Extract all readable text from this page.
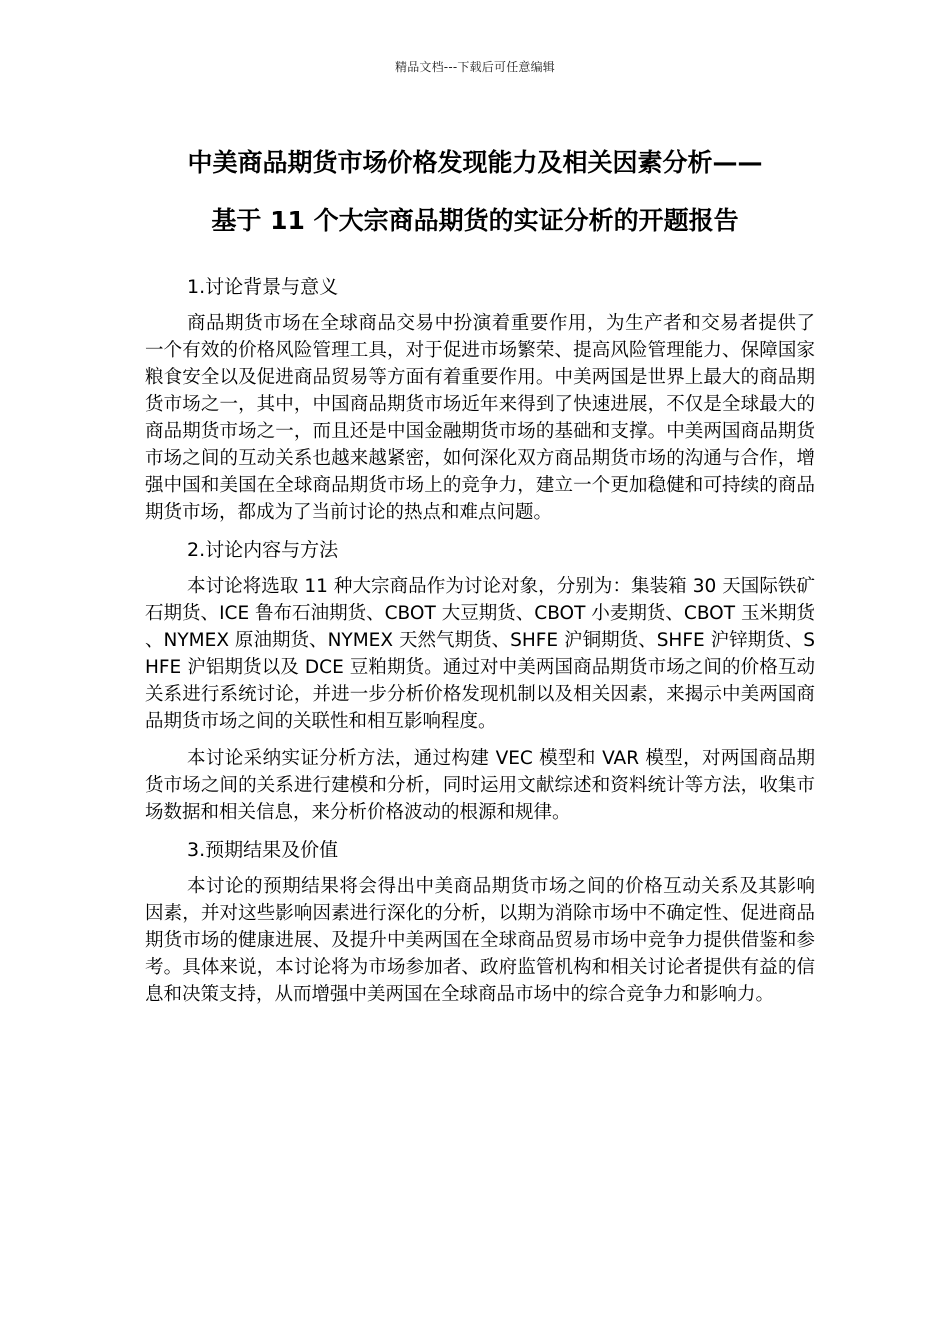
精品文档---下载后可任意编辑
中美商品期货市场价格发现能力及相关因素分析——
基于 11 个大宗商品期货的实证分析的开题报告

1.讨论背景与意义

商品期货市场在全球商品交易中扮演着重要作用，为生产者和交易者提供了一个有效的价格风险管理工具，对于促进市场繁荣、提高风险管理能力、保障国家粮食安全以及促进商品贸易等方面有着重要作用。中美两国是世界上最大的商品期货市场之一，其中，中国商品期货市场近年来得到了快速进展，不仅是全球最大的商品期货市场之一，而且还是中国金融期货市场的基础和支撑。中美两国商品期货市场之间的互动关系也越来越紧密，如何深化双方商品期货市场的沟通与合作，增强中国和美国在全球商品期货市场上的竞争力，建立一个更加稳健和可持续的商品期货市场，都成为了当前讨论的热点和难点问题。

2.讨论内容与方法

本讨论将选取 11 种大宗商品作为讨论对象，分别为：集装箱 30 天国际铁矿石期货、ICE 鲁布石油期货、CBOT 大豆期货、CBOT 小麦期货、CBOT 玉米期货、NYMEX 原油期货、NYMEX 天然气期货、SHFE 沪铜期货、SHFE 沪锌期货、SHFE 沪铝期货以及 DCE 豆粕期货。通过对中美两国商品期货市场之间的价格互动关系进行系统讨论，并进一步分析价格发现机制以及相关因素，来揭示中美两国商品期货市场之间的关联性和相互影响程度。

本讨论采纳实证分析方法，通过构建 VEC 模型和 VAR 模型，对两国商品期货市场之间的关系进行建模和分析，同时运用文献综述和资料统计等方法，收集市场数据和相关信息，来分析价格波动的根源和规律。

3.预期结果及价值

本讨论的预期结果将会得出中美商品期货市场之间的价格互动关系及其影响因素，并对这些影响因素进行深化的分析，以期为消除市场中不确定性、促进商品期货市场的健康进展、及提升中美两国在全球商品贸易市场中竞争力提供借鉴和参考。具体来说，本讨论将为市场参加者、政府监管机构和相关讨论者提供有益的信息和决策支持，从而增强中美两国在全球商品市场中的综合竞争力和影响力。
